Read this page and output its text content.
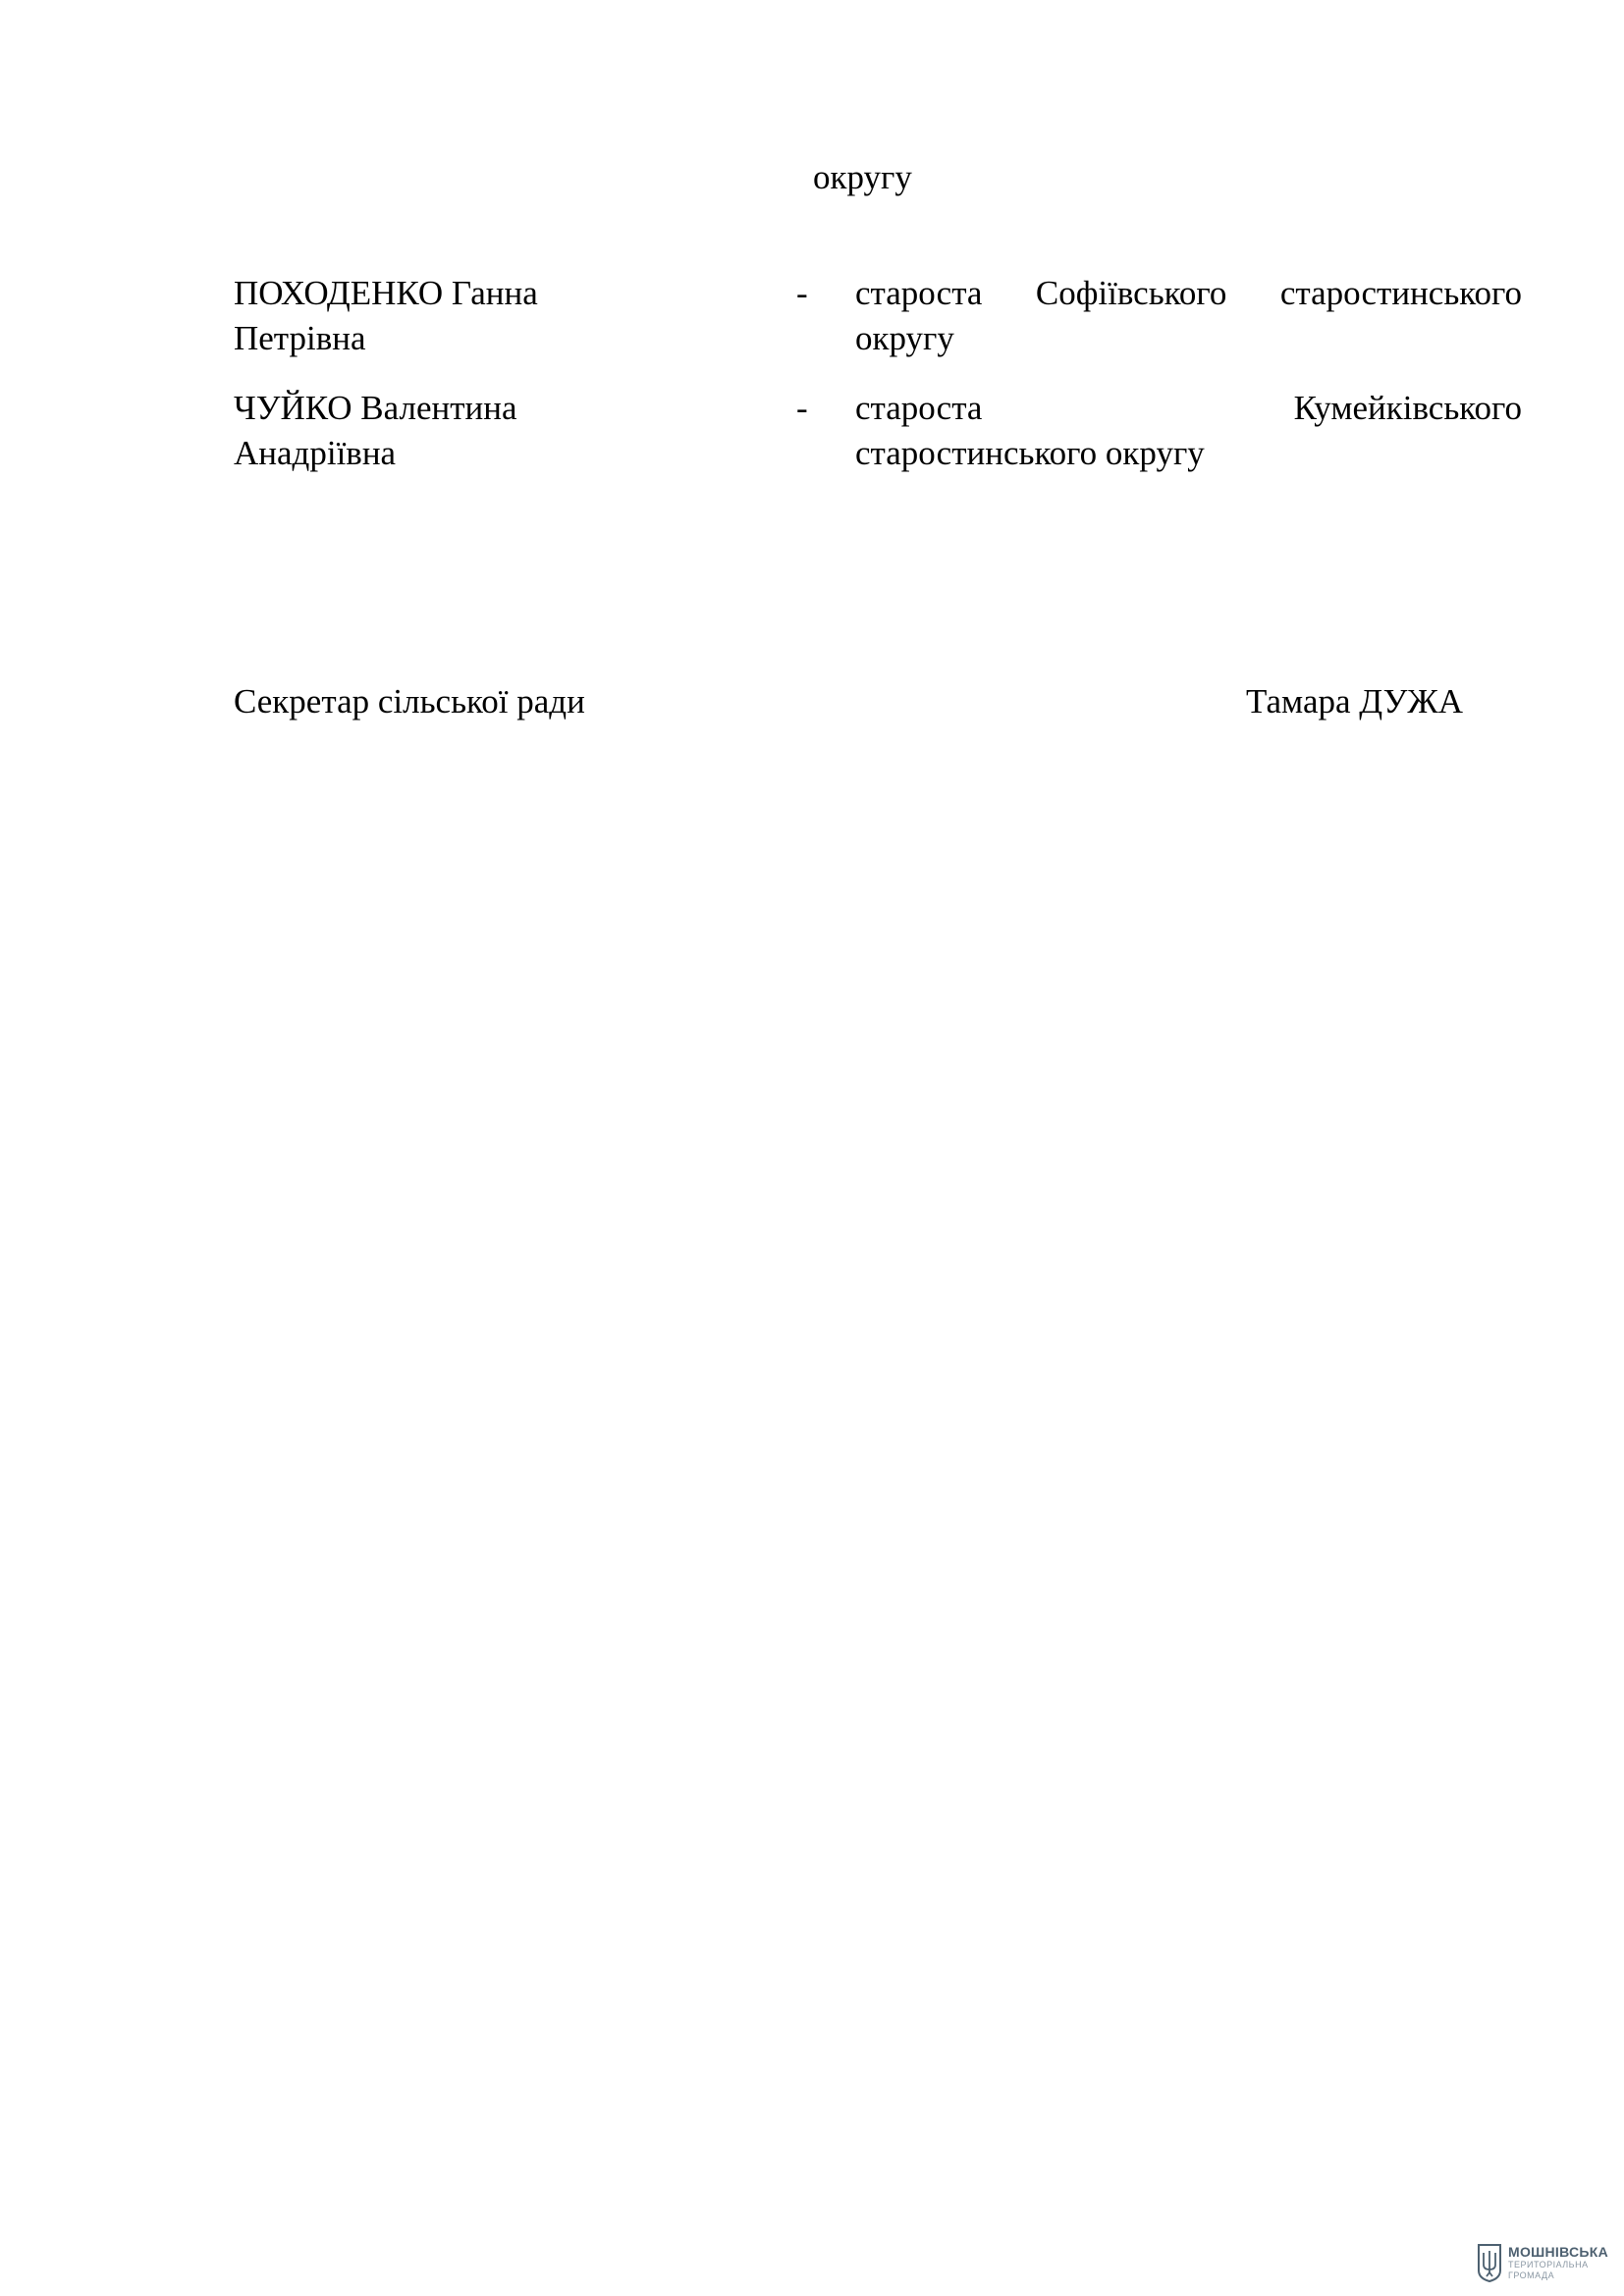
округу
ПОХОДЕНКО Ганна
Петрівна
- староста Софіївського старостинського
округу
ЧУЙКО Валентина
Анадріївна
- староста Кумейківського
старостинського округу
Секретар сільської ради	Тамара ДУЖА
МОШНІВСЬКА
ТЕРИТОРІАЛЬНА
ГРОМАДА
